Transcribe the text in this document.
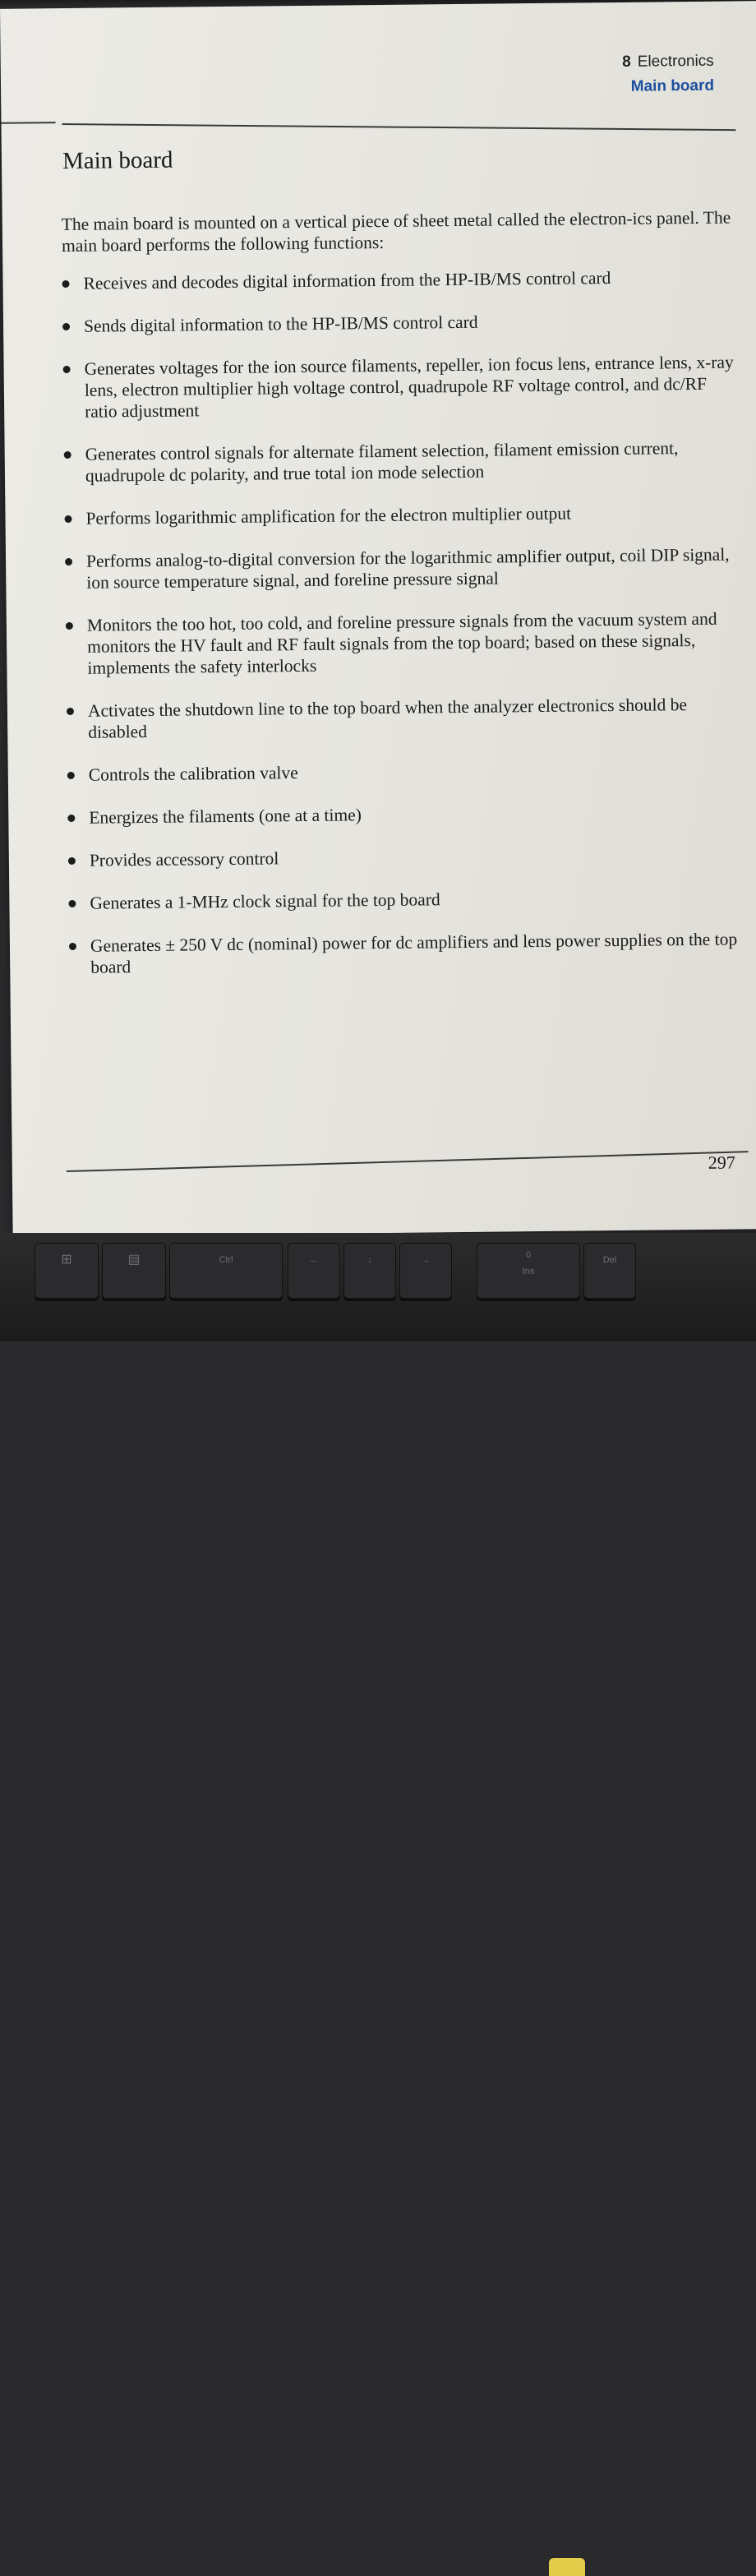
8 Electronics
Main board
Main board

The main board is mounted on a vertical piece of sheet metal called the electron-ics panel. The main board performs the following functions:

Receives and decodes digital information from the HP-IB/MS control card
Sends digital information to the HP-IB/MS control card
Generates voltages for the ion source filaments, repeller, ion focus lens, entrance lens, x-ray lens, electron multiplier high voltage control, quadrupole RF voltage control, and dc/RF ratio adjustment
Generates control signals for alternate filament selection, filament emission current, quadrupole dc polarity, and true total ion mode selection
Performs logarithmic amplification for the electron multiplier output
Performs analog-to-digital conversion for the logarithmic amplifier output, coil DIP signal, ion source temperature signal, and foreline pressure signal
Monitors the too hot, too cold, and foreline pressure signals from the vacuum system and monitors the HV fault and RF fault signals from the top board; based on these signals, implements the safety interlocks
Activates the shutdown line to the top board when the analyzer electronics should be disabled
Controls the calibration valve
Energizes the filaments (one at a time)
Provides accessory control
Generates a 1-MHz clock signal for the top board
Generates ± 250 V dc (nominal) power for dc amplifiers and lens power supplies on the top board
297
⊞	▤	Ctrl	←	↓	→	0
Ins
Del
